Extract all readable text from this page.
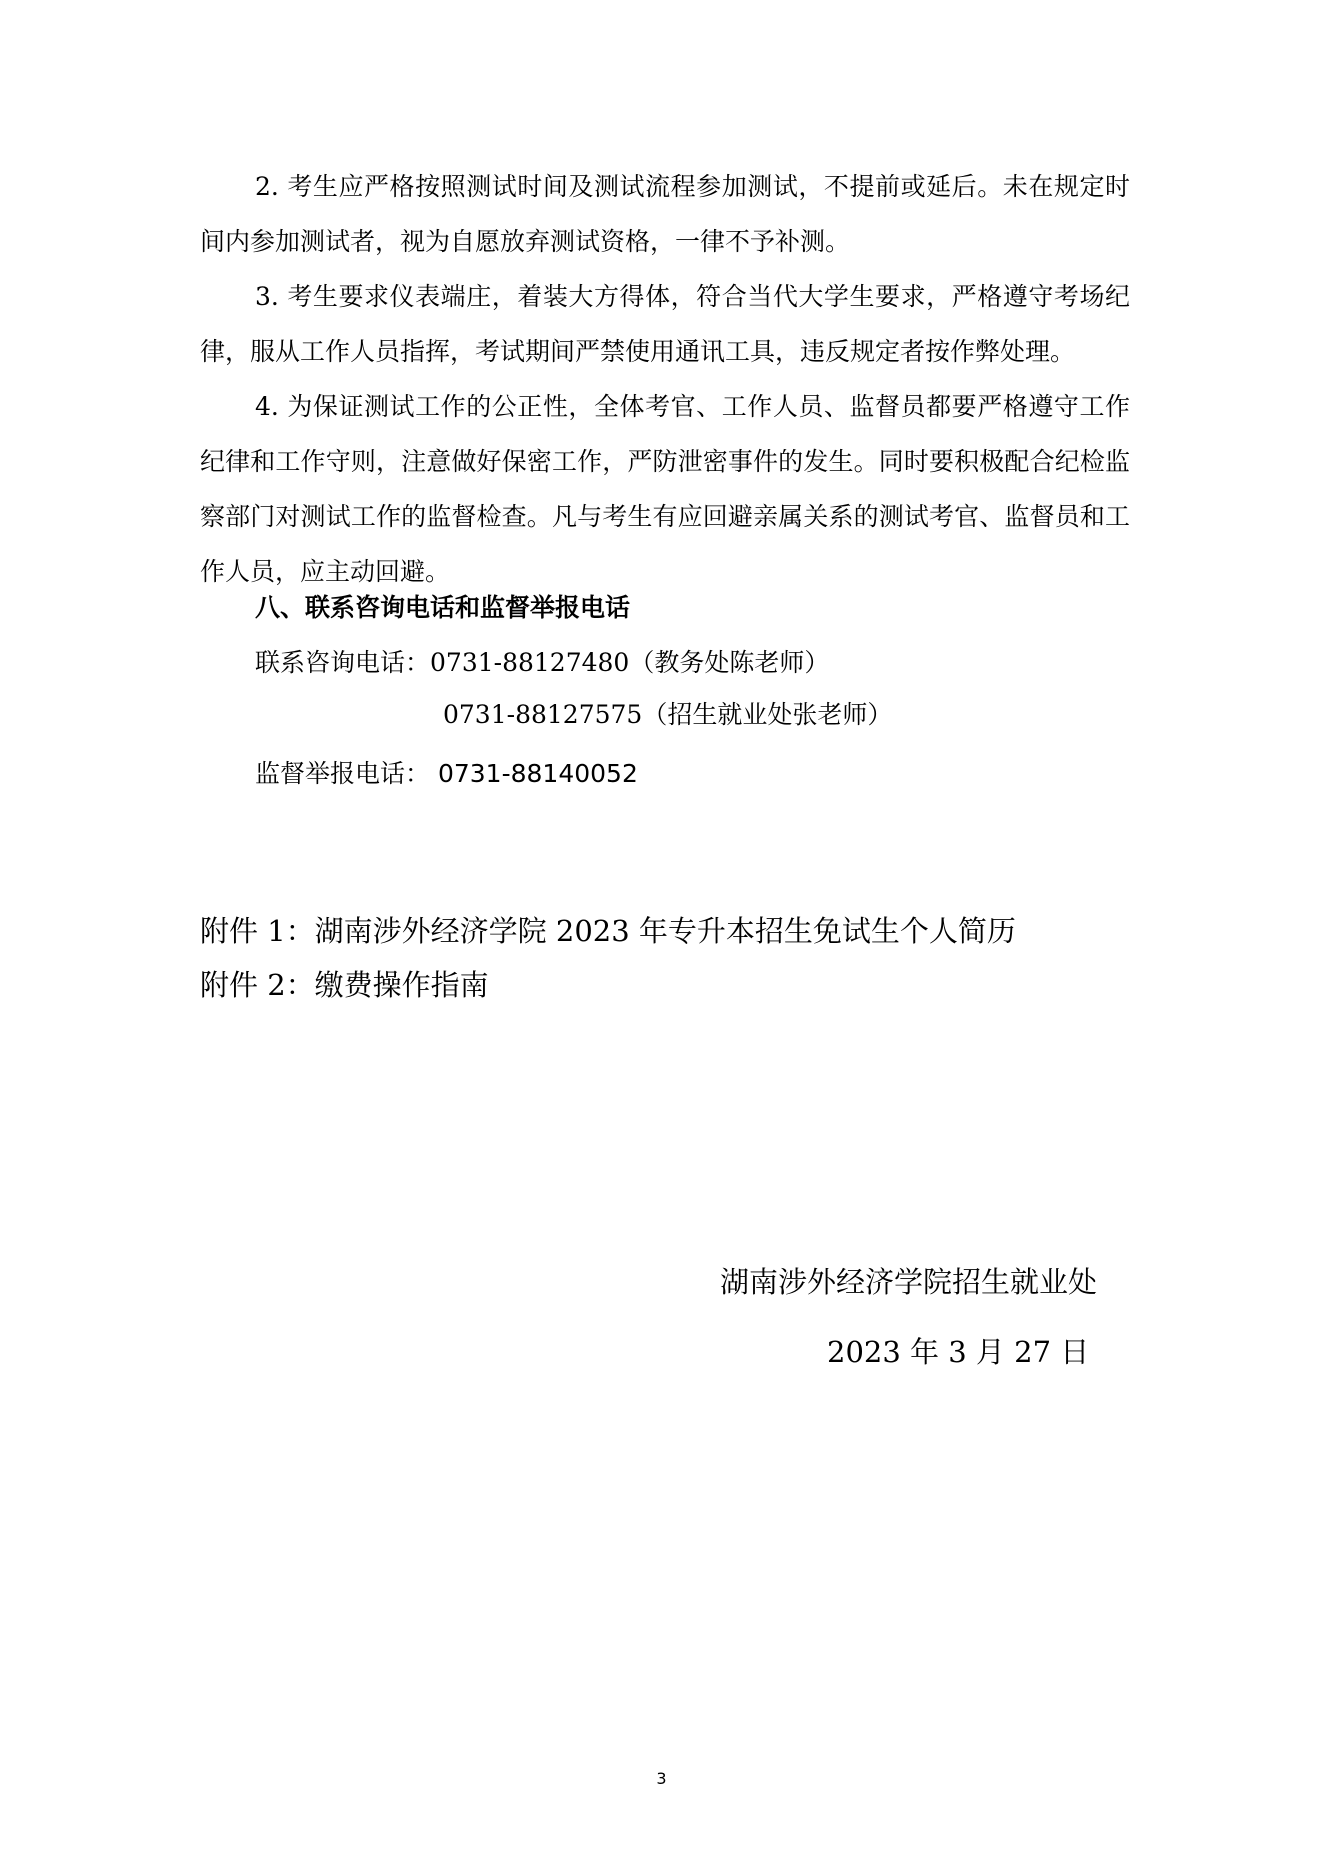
2. 考生应严格按照测试时间及测试流程参加测试，不提前或延后。未在规定时间内参加测试者，视为自愿放弃测试资格，一律不予补测。

3. 考生要求仪表端庄，着装大方得体，符合当代大学生要求，严格遵守考场纪律，服从工作人员指挥，考试期间严禁使用通讯工具，违反规定者按作弊处理。

4. 为保证测试工作的公正性，全体考官、工作人员、监督员都要严格遵守工作纪律和工作守则，注意做好保密工作，严防泄密事件的发生。同时要积极配合纪检监察部门对测试工作的监督检查。凡与考生有应回避亲属关系的测试考官、监督员和工作人员，应主动回避。

八、联系咨询电话和监督举报电话

联系咨询电话：0731-88127480（教务处陈老师）

0731-88127575（招生就业处张老师）

监督举报电话： 0731-88140052

附件 1：湖南涉外经济学院 2023 年专升本招生免试生个人简历

附件 2：缴费操作指南

湖南涉外经济学院招生就业处

2023 年 3 月 27 日

3
